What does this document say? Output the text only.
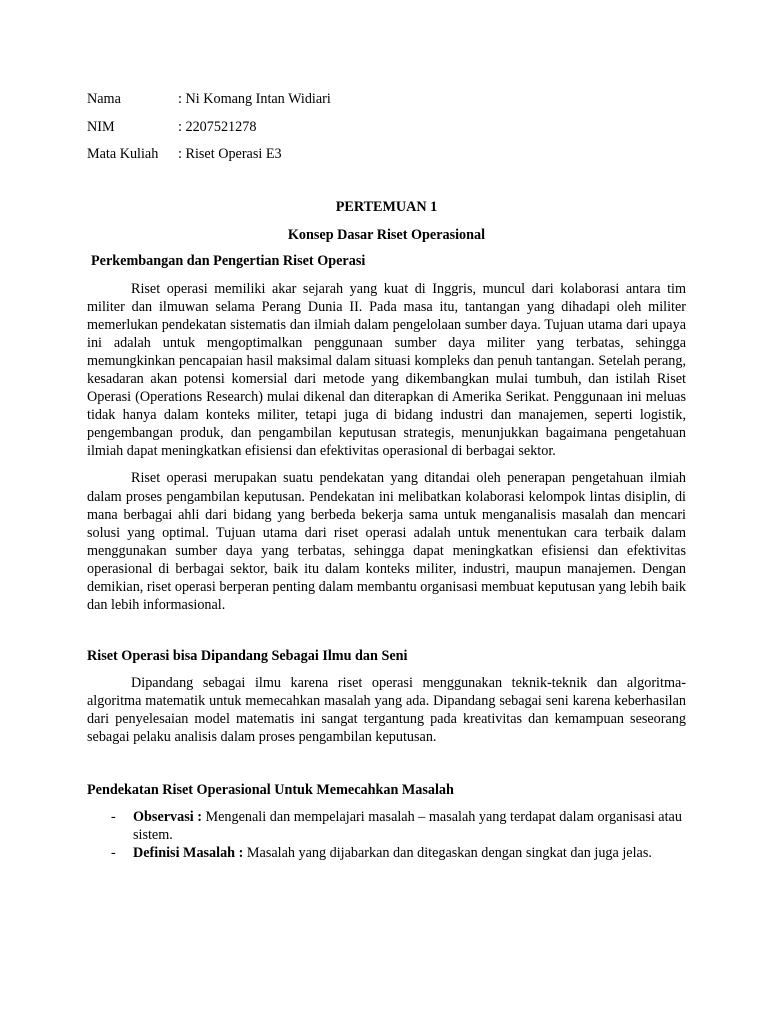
Nama	: Ni Komang Intan Widiari
NIM	: 2207521278
Mata Kuliah	: Riset Operasi E3
PERTEMUAN 1
Konsep Dasar Riset Operasional
Perkembangan dan Pengertian Riset Operasi

Riset operasi memiliki akar sejarah yang kuat di Inggris, muncul dari kolaborasi antara tim militer dan ilmuwan selama Perang Dunia II. Pada masa itu, tantangan yang dihadapi oleh militer memerlukan pendekatan sistematis dan ilmiah dalam pengelolaan sumber daya. Tujuan utama dari upaya ini adalah untuk mengoptimalkan penggunaan sumber daya militer yang terbatas, sehingga memungkinkan pencapaian hasil maksimal dalam situasi kompleks dan penuh tantangan. Setelah perang, kesadaran akan potensi komersial dari metode yang dikembangkan mulai tumbuh, dan istilah Riset Operasi (Operations Research) mulai dikenal dan diterapkan di Amerika Serikat. Penggunaan ini meluas tidak hanya dalam konteks militer, tetapi juga di bidang industri dan manajemen, seperti logistik, pengembangan produk, dan pengambilan keputusan strategis, menunjukkan bagaimana pengetahuan ilmiah dapat meningkatkan efisiensi dan efektivitas operasional di berbagai sektor.

Riset operasi merupakan suatu pendekatan yang ditandai oleh penerapan pengetahuan ilmiah dalam proses pengambilan keputusan. Pendekatan ini melibatkan kolaborasi kelompok lintas disiplin, di mana berbagai ahli dari bidang yang berbeda bekerja sama untuk menganalisis masalah dan mencari solusi yang optimal. Tujuan utama dari riset operasi adalah untuk menentukan cara terbaik dalam menggunakan sumber daya yang terbatas, sehingga dapat meningkatkan efisiensi dan efektivitas operasional di berbagai sektor, baik itu dalam konteks militer, industri, maupun manajemen. Dengan demikian, riset operasi berperan penting dalam membantu organisasi membuat keputusan yang lebih baik dan lebih informasional.

Riset Operasi bisa Dipandang Sebagai Ilmu dan Seni

Dipandang sebagai ilmu karena riset operasi menggunakan teknik-teknik dan algoritma-algoritma matematik untuk memecahkan masalah yang ada. Dipandang sebagai seni karena keberhasilan dari penyelesaian model matematis ini sangat tergantung pada kreativitas dan kemampuan seseorang sebagai pelaku analisis dalam proses pengambilan keputusan.

Pendekatan Riset Operasional Untuk Memecahkan Masalah
- Observasi : Mengenali dan mempelajari masalah – masalah yang terdapat dalam organisasi atau sistem.
- Definisi Masalah : Masalah yang dijabarkan dan ditegaskan dengan singkat dan juga jelas.
